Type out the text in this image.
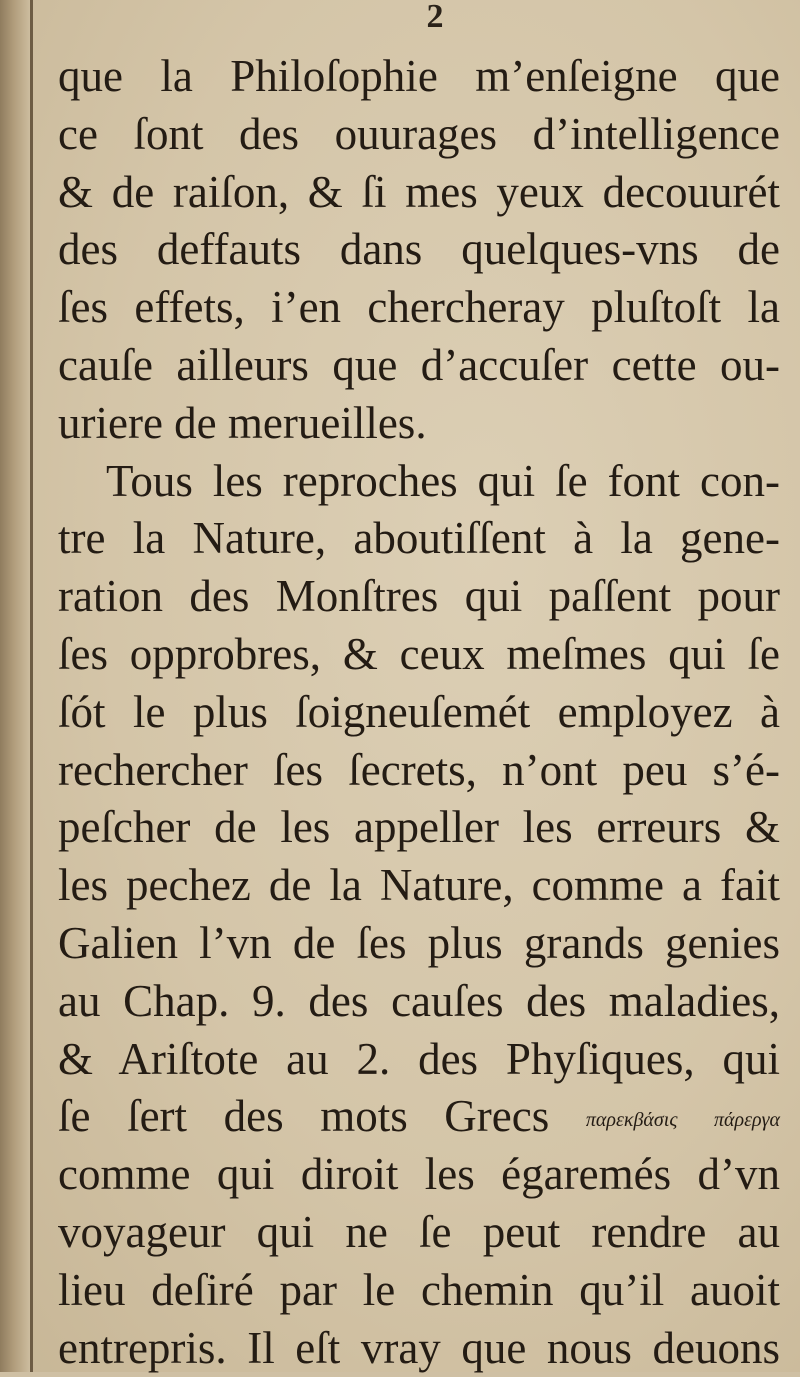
2
que la Philoſophie m’enſeigne que
ce ſont des ouurages d’intelligence
& de raiſon, & ſi mes yeux decouurét
des deffauts dans quelques-vns de
ſes effets, i’en chercheray pluſtoſt la
cauſe ailleurs que d’accuſer cette ou-
uriere de merueilles.
Tous les reproches qui ſe font con-
tre la Nature, aboutiſſent à la gene-
ration des Monſtres qui paſſent pour
ſes opprobres, & ceux meſmes qui ſe
ſót le plus ſoigneuſemét employez à
rechercher ſes ſecrets, n’ont peu s’é-
peſcher de les appeller les erreurs &
les pechez de la Nature, comme a fait
Galien l’vn de ſes plus grands genies
au Chap. 9. des cauſes des maladies,
& Ariſtote au 2. des Phyſiques, qui
ſe ſert des mots Grecs παρεκβάσις πάρεργα
comme qui diroit les égaremés d’vn
voyageur qui ne ſe peut rendre au
lieu deſiré par le chemin qu’il auoit
entrepris. Il eſt vray que nous deuons
